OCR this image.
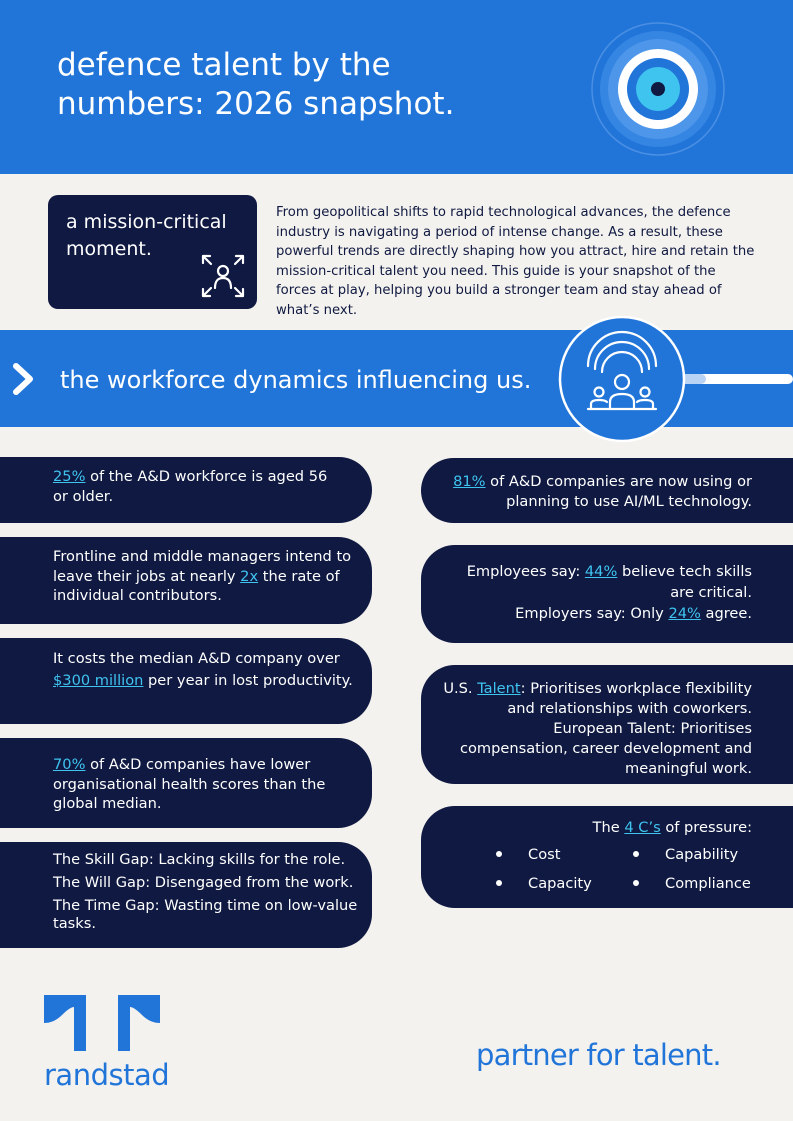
defence talent by the
numbers: 2026 snapshot.
a mission-critical
moment.
From geopolitical shifts to rapid technological advances, the defence industry is navigating a period of intense change. As a result, these powerful trends are directly shaping how you attract, hire and retain the mission-critical talent you need. This guide is your snapshot of the forces at play, helping you build a stronger team and stay ahead of what’s next.
the workforce dynamics influencing us.
25% of the A&D workforce is aged 56 or older.
Frontline and middle managers intend to leave their jobs at nearly 2x the rate of individual contributors.
It costs the median A&D company over $300 million per year in lost productivity.
70% of A&D companies have lower organisational health scores than the global median.
The Skill Gap: Lacking skills for the role.
The Will Gap: Disengaged from the work.
The Time Gap: Wasting time on low-value tasks.
81% of A&D companies are now using or planning to use AI/ML technology.
Employees say: 44% believe tech skills are critical.
Employers say: Only 24% agree.
U.S. Talent: Prioritises workplace flexibility and relationships with coworkers.
European Talent: Prioritises compensation, career development and meaningful work.
The 4 C’s of pressure:
Cost	Capability
Capacity	Compliance
randstad
partner for talent.
